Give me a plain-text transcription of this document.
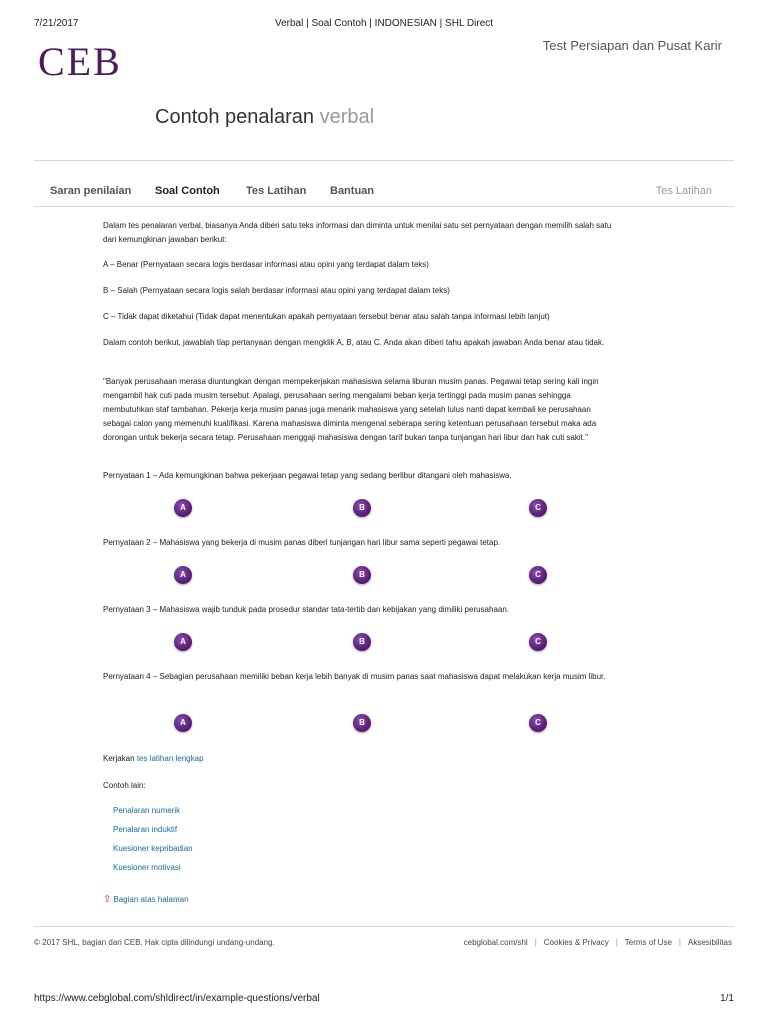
7/21/2017	Verbal | Soal Contoh | INDONESIAN | SHL Direct
CEB	Test Persiapan dan Pusat Karir
Contoh penalaran verbal
Saran penilaian Soal Contoh Tes Latihan Bantuan	Tes Latihan

Dalam tes penalaran verbal, biasanya Anda diberi satu teks informasi dan diminta untuk menilai satu set pernyataan dengan memilih salah satu dari kemungkinan jawaban berikut:

A – Benar (Pernyataan secara logis berdasar informasi atau opini yang terdapat dalam teks)

B – Salah (Pernyataan secara logis salah berdasar informasi atau opini yang terdapat dalam teks)

C – Tidak dapat diketahui (Tidak dapat menentukan apakah pernyataan tersebut benar atau salah tanpa informasi lebih lanjut)

Dalam contoh berikut, jawablah tiap pertanyaan dengan mengklik A, B, atau C. Anda akan diberi tahu apakah jawaban Anda benar atau tidak.

"Banyak perusahaan merasa diuntungkan dengan mempekerjakan mahasiswa selama liburan musim panas. Pegawai tetap sering kali ingin mengambil hak cuti pada musim tersebut. Apalagi, perusahaan sering mengalami beban kerja tertinggi pada musim panas sehingga membutuhkan staf tambahan. Pekerja kerja musim panas juga menarik mahasiswa yang setelah lulus nanti dapat kembali ke perusahaan sebagai calon yang memenuhi kualifikasi. Karena mahasiswa diminta mengenal seberapa sering ketentuan perusahaan tersebut maka ada dorongan untuk bekerja secara tetap. Perusahaan menggaji mahasiswa dengan tarif bukan tanpa tunjangan hari libur dan hak cuti sakit."

Pernyataan 1 – Ada kemungkinan bahwa pekerjaan pegawai tetap yang sedang berlibur ditangani oleh mahasiswa.

A	B	C

Pernyataan 2 – Mahasiswa yang bekerja di musim panas diberi tunjangan hari libur sama seperti pegawai tetap.

A	B	C

Pernyataan 3 – Mahasiswa wajib tunduk pada prosedur standar tata-tertib dan kebijakan yang dimiliki perusahaan.

A	B	C

Pernyataan 4 – Sebagian perusahaan memiliki beban kerja lebih banyak di musim panas saat mahasiswa dapat melakukan kerja musim libur.

A	B	C
Kerjakan tes latihan lengkap

Contoh lain:

Penalaran numerik
Penalaran induktif
Kuesioner kepribadian
Kuesioner motivasi
⇧ Bagian atas halaman
© 2017 SHL, bagian dari CEB. Hak cipta dilindungi undang-undang.	cebglobal.com/shl | Cookies & Privacy | Terms of Use | Aksesibilitas
https://www.cebglobal.com/shldirect/in/example-questions/verbal	1/1
